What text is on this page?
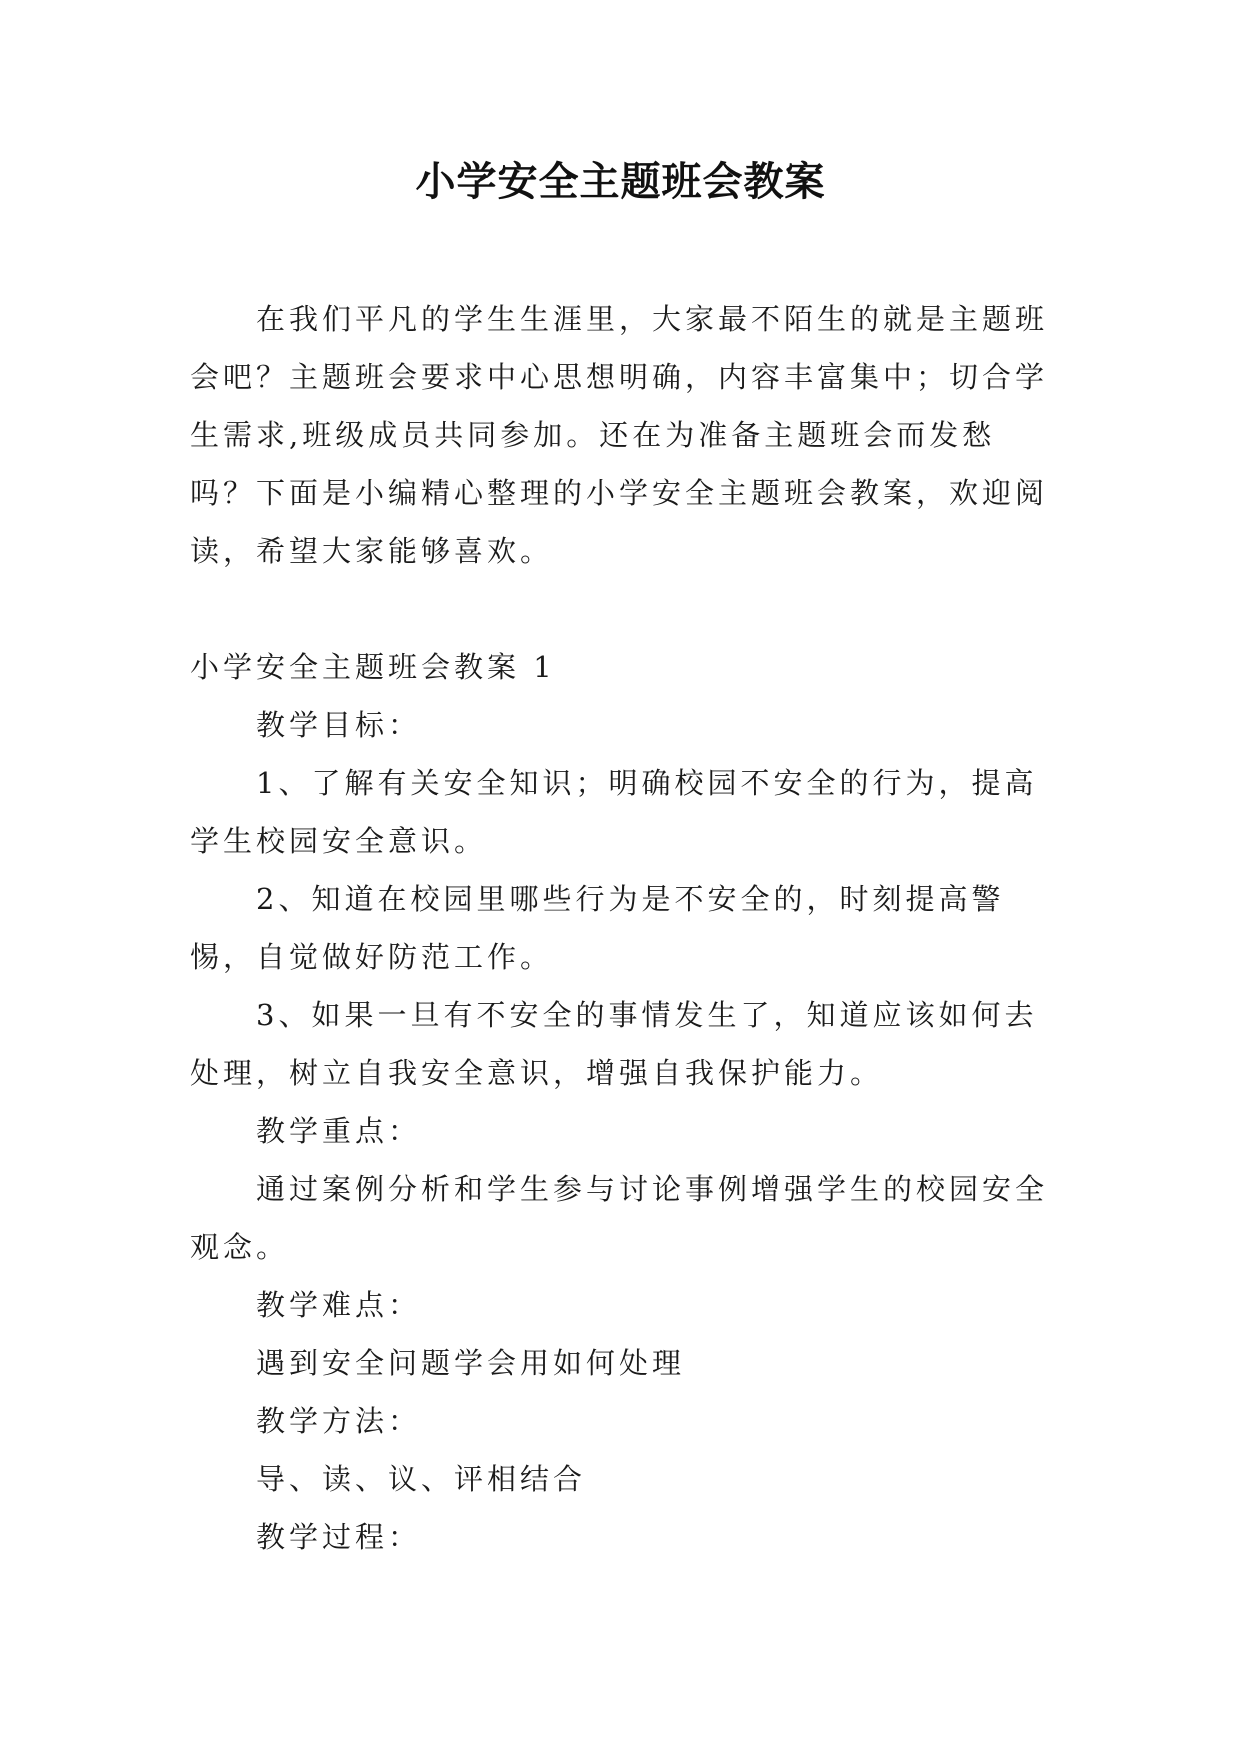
小学安全主题班会教案

在我们平凡的学生生涯里，大家最不陌生的就是主题班会吧？主题班会要求中心思想明确，内容丰富集中；切合学生需求,班级成员共同参加。还在为准备主题班会而发愁吗？下面是小编精心整理的小学安全主题班会教案，欢迎阅读，希望大家能够喜欢。

小学安全主题班会教案 1

教学目标：

1、了解有关安全知识；明确校园不安全的行为，提高学生校园安全意识。

2、知道在校园里哪些行为是不安全的，时刻提高警惕，自觉做好防范工作。

3、如果一旦有不安全的事情发生了，知道应该如何去处理，树立自我安全意识，增强自我保护能力。

教学重点：

通过案例分析和学生参与讨论事例增强学生的校园安全观念。

教学难点：

遇到安全问题学会用如何处理

教学方法：

导、读、议、评相结合

教学过程：
